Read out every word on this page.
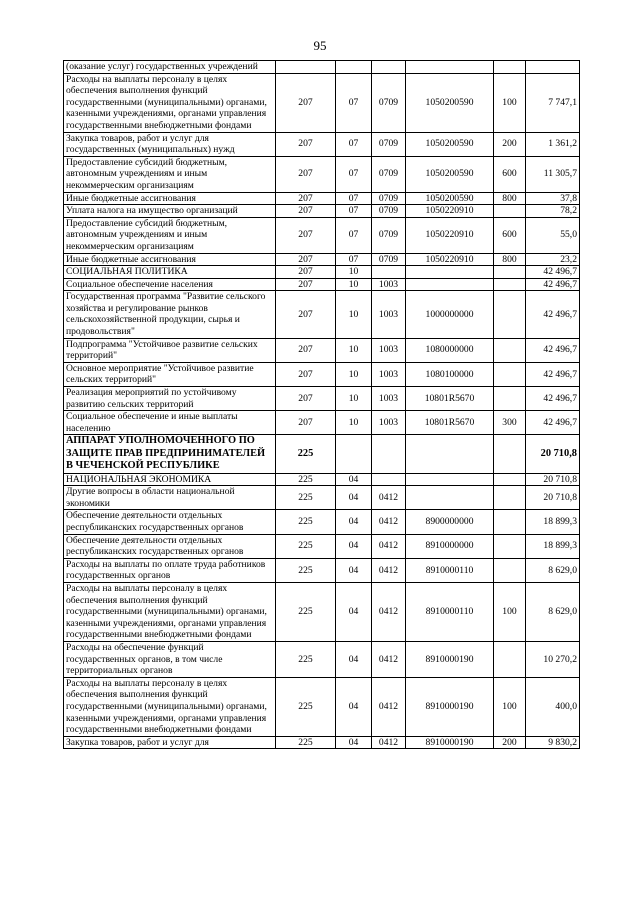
95
(оказание услуг) государственных учреждений						
Расходы на выплаты персоналу в целях обеспечения выполнения функций государственными (муниципальными) органами, казенными учреждениями, органами управления государственными внебюджетными фондами	207	07	0709	1050200590	100	7 747,1
Закупка товаров, работ и услуг для государственных (муниципальных) нужд	207	07	0709	1050200590	200	1 361,2
Предоставление субсидий бюджетным, автономным учреждениям и иным некоммерческим организациям	207	07	0709	1050200590	600	11 305,7
Иные бюджетные ассигнования	207	07	0709	1050200590	800	37,8
Уплата налога на имущество организаций	207	07	0709	1050220910		78,2
Предоставление субсидий бюджетным, автономным учреждениям и иным некоммерческим организациям	207	07	0709	1050220910	600	55,0
Иные бюджетные ассигнования	207	07	0709	1050220910	800	23,2
СОЦИАЛЬНАЯ ПОЛИТИКА	207	10				42 496,7
Социальное обеспечение населения	207	10	1003			42 496,7
Государственная программа "Развитие сельского хозяйства и регулирование рынков сельскохозяйственной продукции, сырья и продовольствия"	207	10	1003	1000000000		42 496,7
Подпрограмма "Устойчивое развитие сельских территорий"	207	10	1003	1080000000		42 496,7
Основное мероприятие "Устойчивое развитие сельских территорий"	207	10	1003	1080100000		42 496,7
Реализация мероприятий по устойчивому развитию сельских территорий	207	10	1003	10801R5670		42 496,7
Социальное обеспечение и иные выплаты населению	207	10	1003	10801R5670	300	42 496,7
АППАРАТ УПОЛНОМОЧЕННОГО ПО ЗАЩИТЕ ПРАВ ПРЕДПРИНИМАТЕЛЕЙ В ЧЕЧЕНСКОЙ РЕСПУБЛИКЕ	225					20 710,8
НАЦИОНАЛЬНАЯ ЭКОНОМИКА	225	04				20 710,8
Другие вопросы в области национальной экономики	225	04	0412			20 710,8
Обеспечение деятельности отдельных республиканских государственных органов	225	04	0412	8900000000		18 899,3
Обеспечение деятельности отдельных республиканских государственных органов	225	04	0412	8910000000		18 899,3
Расходы на выплаты по оплате труда работников государственных органов	225	04	0412	8910000110		8 629,0
Расходы на выплаты персоналу в целях обеспечения выполнения функций государственными (муниципальными) органами, казенными учреждениями, органами управления государственными внебюджетными фондами	225	04	0412	8910000110	100	8 629,0
Расходы на обеспечение функций государственных органов, в том числе территориальных органов	225	04	0412	8910000190		10 270,2
Расходы на выплаты персоналу в целях обеспечения выполнения функций государственными (муниципальными) органами, казенными учреждениями, органами управления государственными внебюджетными фондами	225	04	0412	8910000190	100	400,0
Закупка товаров, работ и услуг для	225	04	0412	8910000190	200	9 830,2
